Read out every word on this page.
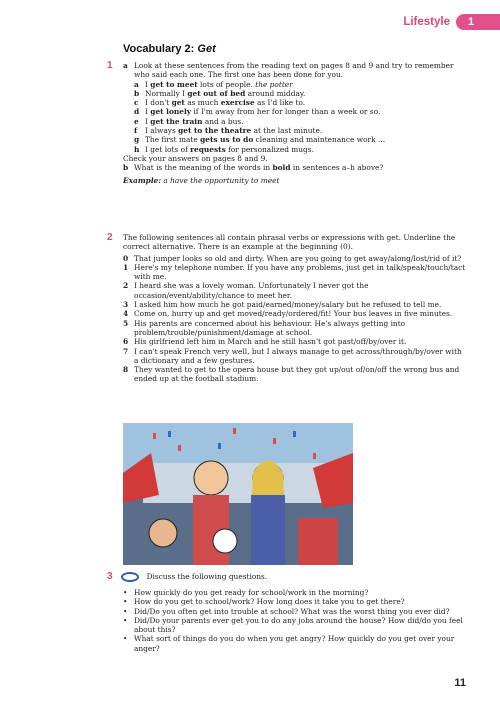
Lifestyle	1
Vocabulary 2: Get
1 a Look at these sentences from the reading text on pages 8 and 9 and try to remember who said each one. The first one has been done for you.
a I get to meet lots of people. the potter
b Normally I get out of bed around midday.
c I don't get as much exercise as I'd like to.
d I get lonely if I'm away from her for longer than a week or so.
e I get the train and a bus.
f	I always get to the theatre at the last minute.
g The first mate gets us to do cleaning and maintenance work …
h I get lots of requests for personalized mugs.

Check your answers on pages 8 and 9.

b What is the meaning of the words in bold in sentences a–h above?

Example: a have the opportunity to meet

2 The following sentences all contain phrasal verbs or expressions with get. Underline the correct alternative. There is an example at the beginning (0).

0 That jumper looks so old and dirty. When are you going to get away/along/lost/rid of it?
1 Here's my telephone number. If you have any problems, just get in talk/speak/touch/tact with me.
2 I heard she was a lovely woman. Unfortunately I never got the occasion/event/ability/chance to meet her.
3 I asked him how much he got paid/earned/money/salary but he refused to tell me.
4 Come on, hurry up and get moved/ready/ordered/fit! Your bus leaves in five minutes.
5 His parents are concerned about his behaviour. He's always getting into problem/trouble/punishment/damage at school.
6 His girlfriend left him in March and he still hasn't got past/off/by/over it.
7 I can't speak French very well, but I always manage to get across/through/by/over with a dictionary and a few gestures.
8 They wanted to get to the opera house but they got up/out of/on/off the wrong bus and ended up at the football stadium.
3	Discuss the following questions.
• How quickly do you get ready for school/work in the morning?
• How do you get to school/work? How long does it take you to get there?
• Did/Do you often get into trouble at school? What was the worst thing you ever did?
• Did/Do your parents ever get you to do any jobs around the house? How did/do you feel about this?
• What sort of things do you do when you get angry? How quickly do you get over your anger?
11
